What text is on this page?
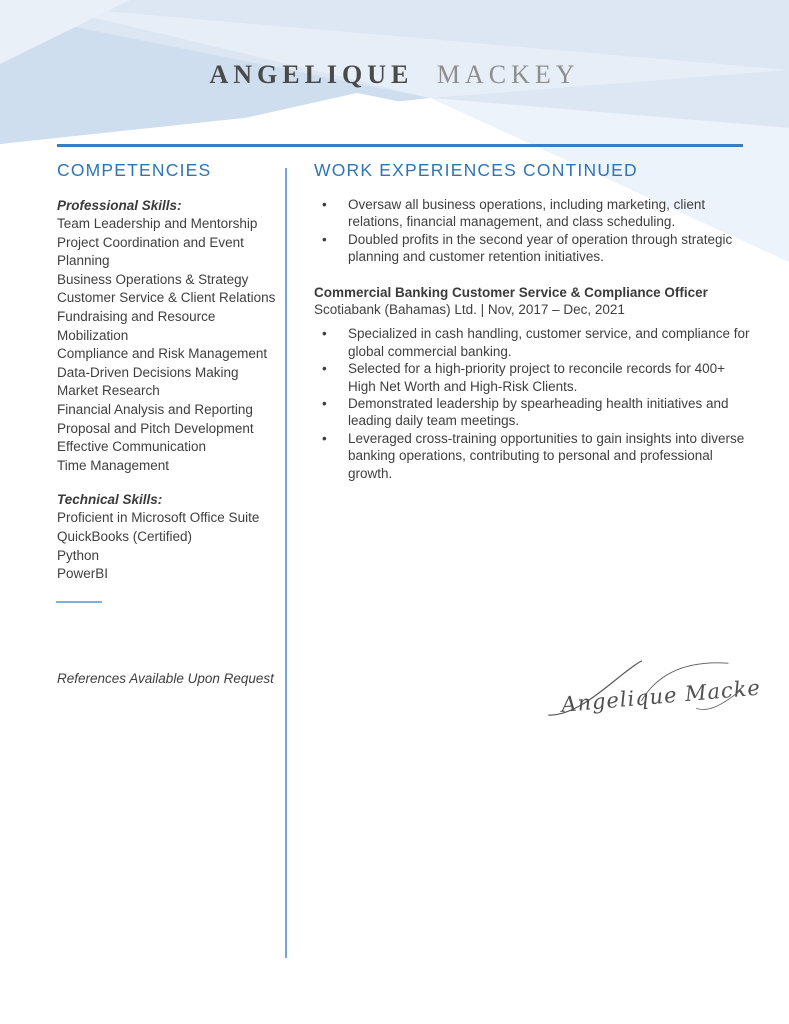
ANGELIQUE MACKEY
COMPETENCIES

Professional Skills:

Team Leadership and Mentorship
Project Coordination and Event Planning
Business Operations & Strategy
Customer Service & Client Relations
Fundraising and Resource Mobilization
Compliance and Risk Management
Data-Driven Decisions Making
Market Research
Financial Analysis and Reporting
Proposal and Pitch Development
Effective Communication
Time Management

Technical Skills:

Proficient in Microsoft Office Suite
QuickBooks (Certified)
Python
PowerBI
References Available Upon Request
WORK EXPERIENCES CONTINUED
•	Oversaw all business operations, including marketing, client relations, financial management, and class scheduling.
•	Doubled profits in the second year of operation through strategic planning and customer retention initiatives.

Commercial Banking Customer Service & Compliance Officer

Scotiabank (Bahamas) Ltd. | Nov, 2017 – Dec, 2021

•	Specialized in cash handling, customer service, and compliance for global commercial banking.
•	Selected for a high-priority project to reconcile records for 400+ High Net Worth and High-Risk Clients.
•	Demonstrated leadership by spearheading health initiatives and leading daily team meetings.
•	Leveraged cross-training opportunities to gain insights into diverse banking operations, contributing to personal and professional growth.
Angelique Mackey
